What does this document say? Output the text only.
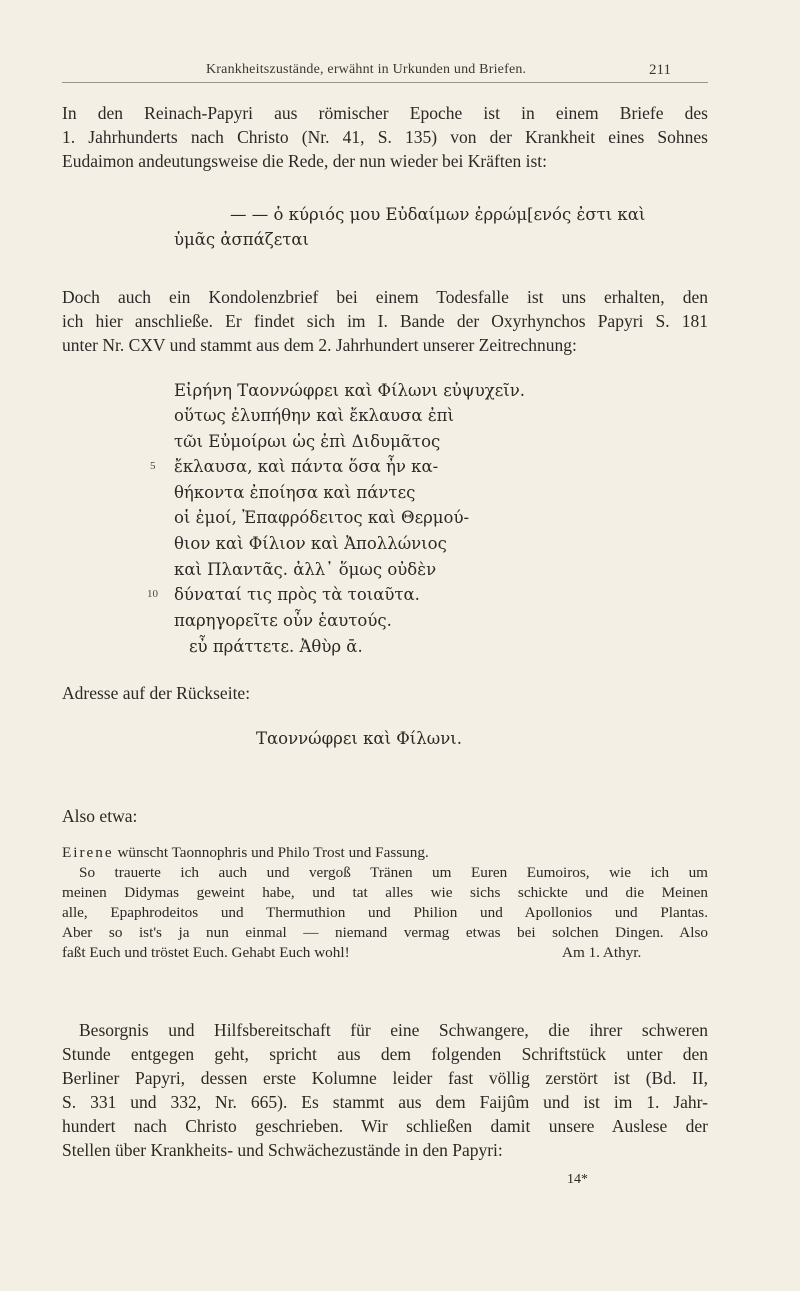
Krankheitszustände, erwähnt in Urkunden und Briefen.	211
In den Reinach-Papyri aus römischer Epoche ist in einem Briefe des
1. Jahrhunderts nach Christo (Nr. 41, S. 135) von der Krankheit eines Sohnes
Eudaimon andeutungsweise die Rede, der nun wieder bei Kräften ist:
— — ὁ κύριός μου Εὐδαίμων ἐρρώμ[ενός ἐστι καὶ
ὑμᾶς ἀσπάζεται
Doch auch ein Kondolenzbrief bei einem Todesfalle ist uns erhalten, den
ich hier anschließe. Er findet sich im I. Bande der Oxyrhynchos Papyri S. 181
unter Nr. CXV und stammt aus dem 2. Jahrhundert unserer Zeitrechnung:
Εἰρήνη Ταοννώφρει καὶ Φίλωνι εὐψυχεῖν.
οὕτως ἐλυπήθην καὶ ἔκλαυσα ἐπὶ
τῶι Εὐμοίρωι ὡς ἐπὶ Διδυμᾶτος
5 ἔκλαυσα, καὶ πάντα ὅσα ἦν κα-
θήκοντα ἐποίησα καὶ πάντες
οἱ ἐμοί, Ἐπαφρόδειτος καὶ Θερμού-
θιον καὶ Φίλιον καὶ Ἀπολλώνιος
καὶ Πλαντᾶς. ἀλλ᾽ ὅμως οὐδὲν
10 δύναταί τις πρὸς τὰ τοιαῦτα.
παρηγορεῖτε οὖν ἑαυτούς.
εὖ πράττετε. Ἀθὺρ ᾱ.
Adresse auf der Rückseite:
Ταοννώφρει καὶ Φίλωνι.
Also etwa:
Eirene wünscht Taonnophris und Philo Trost und Fassung.
So trauerte ich auch und vergoß Tränen um Euren Eumoiros, wie ich um
meinen Didymas geweint habe, und tat alles wie sichs schickte und die Meinen
alle, Epaphrodeitos und Thermuthion und Philion und Apollonios und Plantas.
Aber so ist's ja nun einmal — niemand vermag etwas bei solchen Dingen. Also
faßt Euch und tröstet Euch. Gehabt Euch wohl!	Am 1. Athyr.
Besorgnis und Hilfsbereitschaft für eine Schwangere, die ihrer schweren
Stunde entgegen geht, spricht aus dem folgenden Schriftstück unter den
Berliner Papyri, dessen erste Kolumne leider fast völlig zerstört ist (Bd. II,
S. 331 und 332, Nr. 665). Es stammt aus dem Faijûm und ist im 1. Jahr-
hundert nach Christo geschrieben. Wir schließen damit unsere Auslese der
Stellen über Krankheits- und Schwächezustände in den Papyri:
14*
